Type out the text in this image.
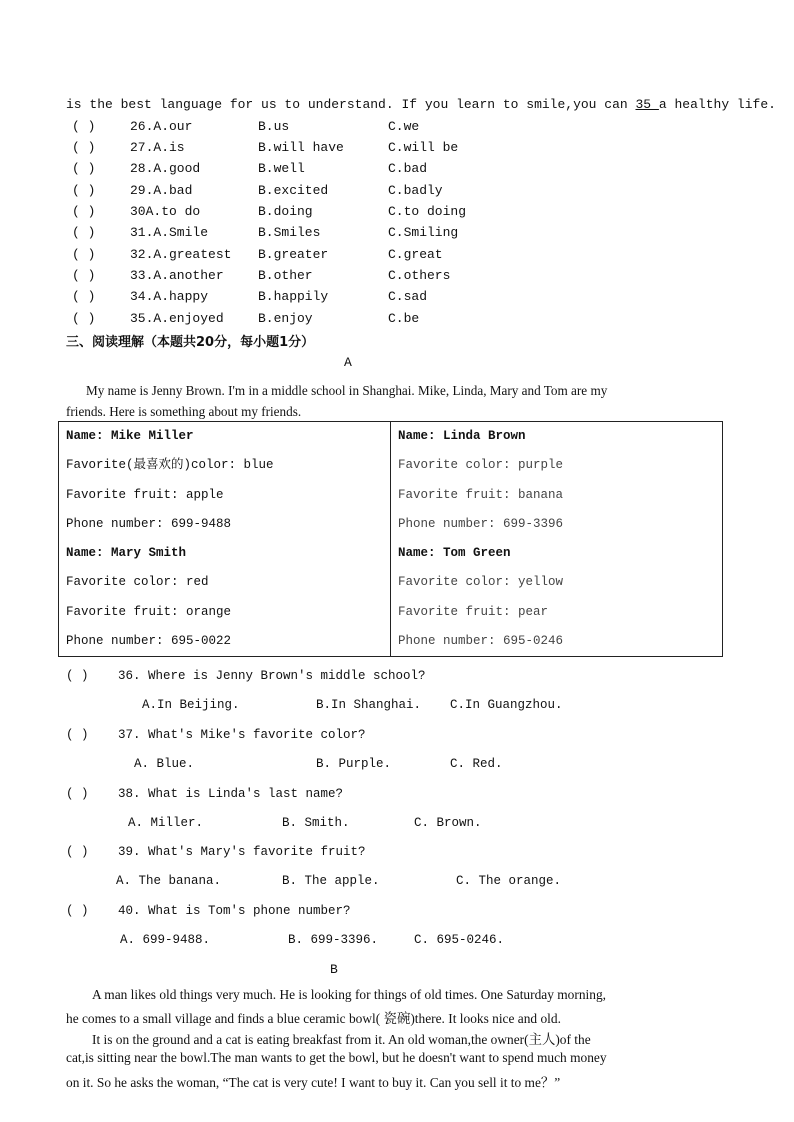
is the best language for us to understand. If you learn to smile,you can 35 a healthy life.
( )	26.A.our	B.us	C.we
( )	27.A.is	B.will have	C.will be
( )	28.A.good	B.well	C.bad
( )	29.A.bad	B.excited	C.badly
( )	30A.to do	B.doing	C.to doing
( )	31.A.Smile	B.Smiles	C.Smiling
( )	32.A.greatest B.greater	C.great
( )	33.A.another	B.other	C.others
( )	34.A.happy	B.happily	C.sad
( )	35.A.enjoyed	B.enjoy	C.be
三、阅读理解（本题共20分，每小题1分）
A
My name is Jenny Brown. I'm in a middle school in Shanghai. Mike, Linda, Mary and Tom are my
friends. Here is something about my friends.
Name: Mike Miller
Favorite(最喜欢的)color: blue
Favorite fruit: apple
Phone number: 699-9488
Name: Mary Smith
Favorite color: red
Favorite fruit: orange
Phone number: 695-0022

Name: Linda Brown
Favorite color: purple
Favorite fruit: banana
Phone number: 699-3396
Name: Tom Green
Favorite color: yellow
Favorite fruit: pear
Phone number: 695-0246
( ) 36. Where is Jenny Brown's middle school?
A.In Beijing.	B.In Shanghai. C.In Guangzhou.
( ) 37. What's Mike's favorite color?
A. Blue.	B. Purple.	C. Red.
( ) 38. What is Linda's last name?
A. Miller.	B. Smith.	C. Brown.
( ) 39. What's Mary's favorite fruit?
A. The banana.	B. The apple.	C. The orange.
( ) 40. What is Tom's phone number?
A. 699-9488.	B. 699-3396.	C. 695-0246.
B
A man likes old things very much. He is looking for things of old times. One Saturday morning,
he comes to a small village and finds a blue ceramic bowl( 瓷碗)there. It looks nice and old.
It is on the ground and a cat is eating breakfast from it. An old woman,the owner(主人)of the
cat,is sitting near the bowl.The man wants to get the bowl, but he doesn't want to spend much money
on it. So he asks the woman, “The cat is very cute! I want to buy it. Can you sell it to me？”
